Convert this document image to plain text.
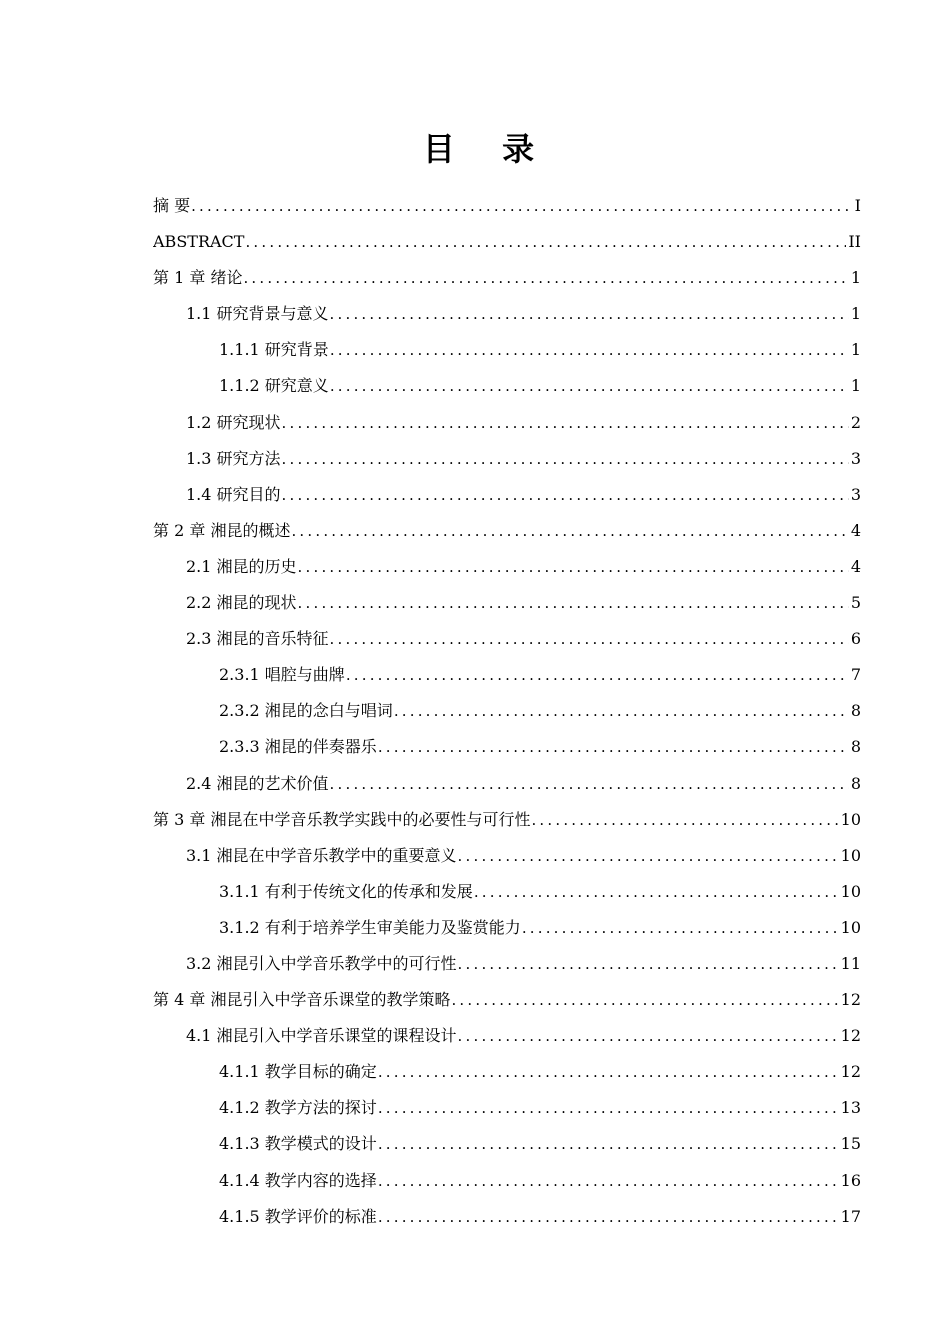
目 录
摘 要 .....	I
ABSTRACT .....	II
第 1 章 绪论 .....	1
1.1 研究背景与意义 .....	1
1.1.1 研究背景 .....	1
1.1.2 研究意义 .....	1
1.2 研究现状 .....	2
1.3 研究方法 .....	3
1.4 研究目的 .....	3
第 2 章 湘昆的概述 .....	4
2.1 湘昆的历史 .....	4
2.2 湘昆的现状 .....	5
2.3 湘昆的音乐特征 .....	6
2.3.1 唱腔与曲牌 .....	7
2.3.2 湘昆的念白与唱词 .....	8
2.3.3 湘昆的伴奏器乐 .....	8
2.4 湘昆的艺术价值 .....	8
第 3 章 湘昆在中学音乐教学实践中的必要性与可行性 .....	10
3.1 湘昆在中学音乐教学中的重要意义 .....	10
3.1.1 有利于传统文化的传承和发展 .....	10
3.1.2 有利于培养学生审美能力及鉴赏能力 .....	10
3.2 湘昆引入中学音乐教学中的可行性 .....	11
第 4 章 湘昆引入中学音乐课堂的教学策略 .....	12
4.1 湘昆引入中学音乐课堂的课程设计 .....	12
4.1.1 教学目标的确定 .....	12
4.1.2 教学方法的探讨 .....	13
4.1.3 教学模式的设计 .....	15
4.1.4 教学内容的选择 .....	16
4.1.5 教学评价的标准 .....	17
